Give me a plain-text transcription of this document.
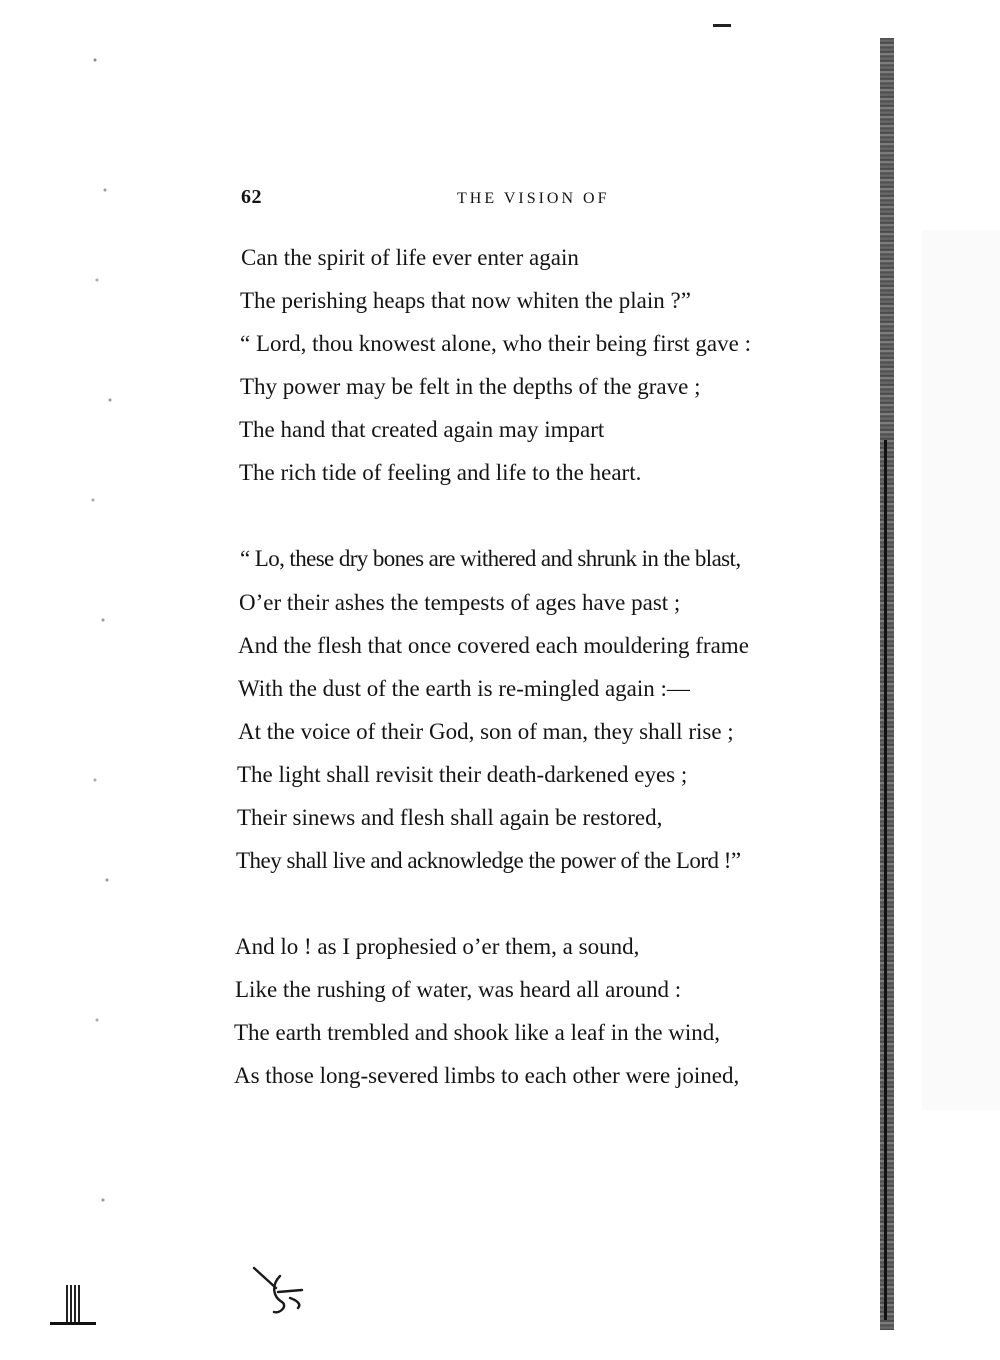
62	THE VISION OF
Can the spirit of life ever enter again
The perishing heaps that now whiten the plain ?”
“ Lord, thou knowest alone, who their being first gave :
Thy power may be felt in the depths of the grave ;
The hand that created again may impart
The rich tide of feeling and life to the heart.
“ Lo, these dry bones are withered and shrunk in the blast,
O’er their ashes the tempests of ages have past ;
And the flesh that once covered each mouldering frame
With the dust of the earth is re-mingled again :—
At the voice of their God, son of man, they shall rise ;
The light shall revisit their death-darkened eyes ;
Their sinews and flesh shall again be restored,
They shall live and acknowledge the power of the Lord !”
And lo ! as I prophesied o’er them, a sound,
Like the rushing of water, was heard all around :
The earth trembled and shook like a leaf in the wind,
As those long-severed limbs to each other were joined,
